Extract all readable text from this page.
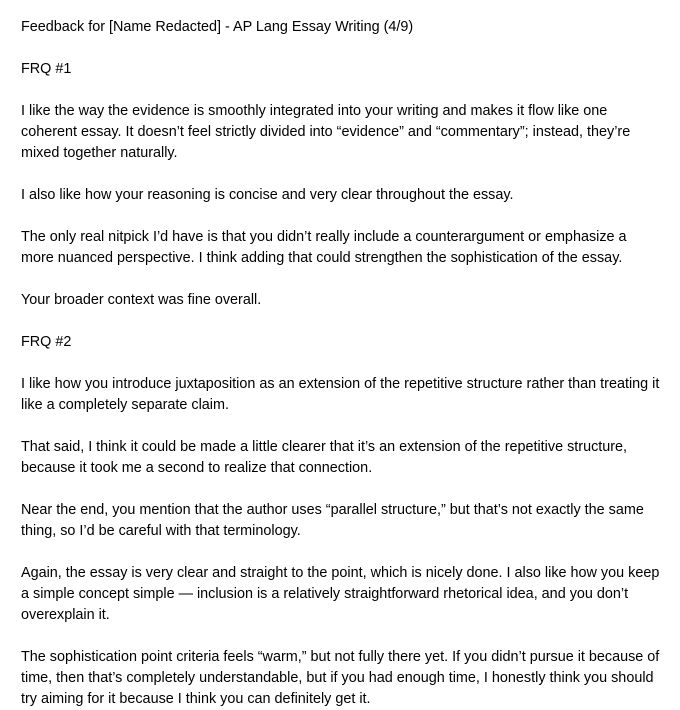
Feedback for [Name Redacted] - AP Lang Essay Writing (4/9)

FRQ #1

I like the way the evidence is smoothly integrated into your writing and makes it flow like one coherent essay. It doesn’t feel strictly divided into “evidence” and “commentary”; instead, they’re mixed together naturally.

I also like how your reasoning is concise and very clear throughout the essay.

The only real nitpick I’d have is that you didn’t really include a counterargument or emphasize a more nuanced perspective. I think adding that could strengthen the sophistication of the essay.

Your broader context was fine overall.

FRQ #2

I like how you introduce juxtaposition as an extension of the repetitive structure rather than treating it like a completely separate claim.

That said, I think it could be made a little clearer that it’s an extension of the repetitive structure, because it took me a second to realize that connection.

Near the end, you mention that the author uses “parallel structure,” but that’s not exactly the same thing, so I’d be careful with that terminology.

Again, the essay is very clear and straight to the point, which is nicely done. I also like how you keep a simple concept simple — inclusion is a relatively straightforward rhetorical idea, and you don’t overexplain it.

The sophistication point criteria feels “warm,” but not fully there yet. If you didn’t pursue it because of time, then that’s completely understandable, but if you had enough time, I honestly think you should try aiming for it because I think you can definitely get it.
